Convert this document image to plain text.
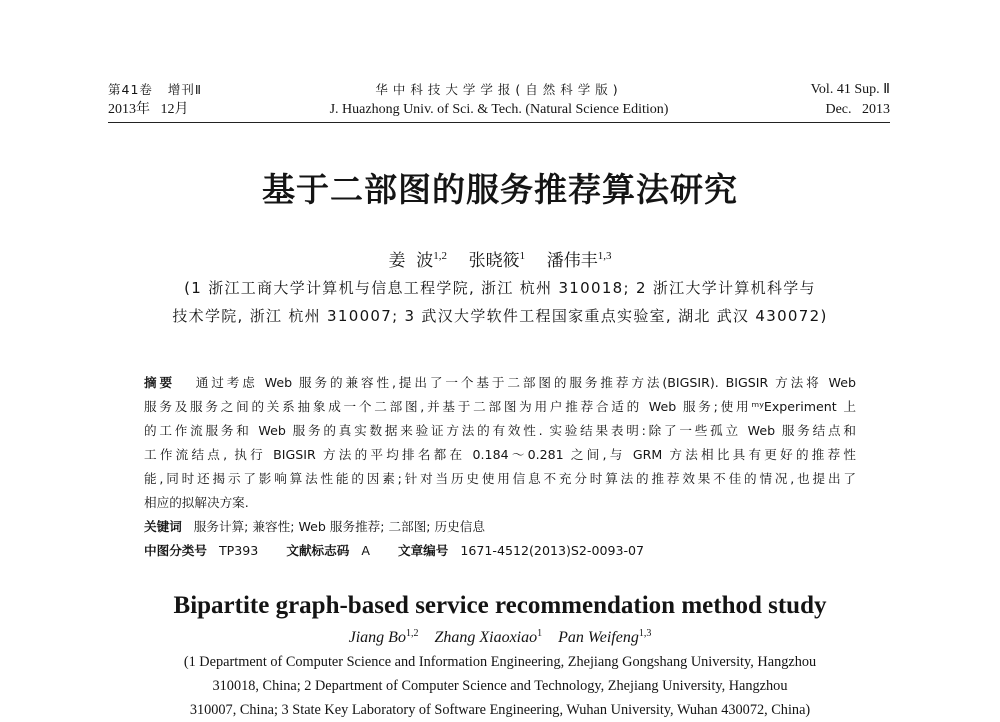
第41卷 增刊Ⅱ	华中科技大学学报(自然科学版)	Vol. 41 Sup. Ⅱ
2013年 12月	J. Huazhong Univ. of Sci. & Tech. (Natural Science Edition)	Dec.   2013
基于二部图的服务推荐算法研究
姜  波$^{1,2}$ 张晓筱$^1$ 潘伟丰$^{1,3}$
(1 浙江工商大学计算机与信息工程学院, 浙江 杭州 310018; 2 浙江大学计算机科学与
技术学院, 浙江 杭州 310007; 3 武汉大学软件工程国家重点实验室, 湖北 武汉 430072)
摘要 通过考虑 Web 服务的兼容性,提出了一个基于二部图的服务推荐方法(BIGSIR). BIGSIR 方法将 Web
服务及服务之间的关系抽象成一个二部图,并基于二部图为用户推荐合适的 Web 服务;使用ᵐʸExperiment 上
的工作流服务和 Web 服务的真实数据来验证方法的有效性. 实验结果表明:除了一些孤立 Web 服务结点和
工作流结点, 执行 BIGSIR 方法的平均排名都在 0.184～0.281 之间,与 GRM 方法相比具有更好的推荐性
能,同时还揭示了影响算法性能的因素;针对当历史使用信息不充分时算法的推荐效果不佳的情况,也提出了
相应的拟解决方案.
关键词 服务计算; 兼容性; Web 服务推荐; 二部图; 历史信息
中图分类号 TP393 文献标志码 A 文章编号 1671-4512(2013)S2-0093-07
Bipartite graph-based service recommendation method study
Jiang Bo$^{1,2}$ Zhang Xiaoxiao$^1$ Pan Weifeng$^{1,3}$
(1 Department of Computer Science and Information Engineering, Zhejiang Gongshang University, Hangzhou
310018, China; 2 Department of Computer Science and Technology, Zhejiang University, Hangzhou
310007, China; 3 State Key Laboratory of Software Engineering, Wuhan University, Wuhan 430072, China)
